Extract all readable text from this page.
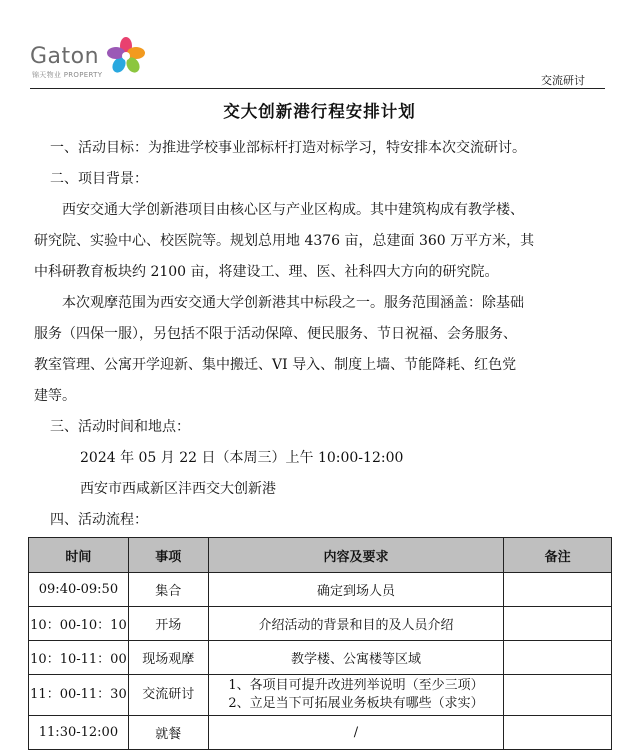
Gaton
锦天物业 PROPERTY	交流研讨
交大创新港行程安排计划
一、活动目标：为推进学校事业部标杆打造对标学习，特安排本次交流研讨。
二、项目背景：
西安交通大学创新港项目由核心区与产业区构成。其中建筑构成有教学楼、
研究院、实验中心、校医院等。规划总用地 4376 亩，总建面 360 万平方米，其
中科研教育板块约 2100 亩，将建设工、理、医、社科四大方向的研究院。
本次观摩范围为西安交通大学创新港其中标段之一。服务范围涵盖：除基础
服务（四保一服），另包括不限于活动保障、便民服务、节日祝福、会务服务、
教室管理、公寓开学迎新、集中搬迁、VI 导入、制度上墙、节能降耗、红色党
建等。
三、活动时间和地点：
2024 年 05 月 22 日（本周三）上午 10:00-12:00
西安市西咸新区沣西交大创新港
四、活动流程：
时间	事项	内容及要求	备注
09:40-09:50	集合	确定到场人员	
10：00-10：10	开场	介绍活动的背景和目的及人员介绍	
10：10-11：00	现场观摩	教学楼、公寓楼等区域	
11：00-11：30	交流研讨	1、各项目可提升改进列举说明（至少三项）
2、立足当下可拓展业务板块有哪些（求实）	

11:30-12:00	就餐	/	
